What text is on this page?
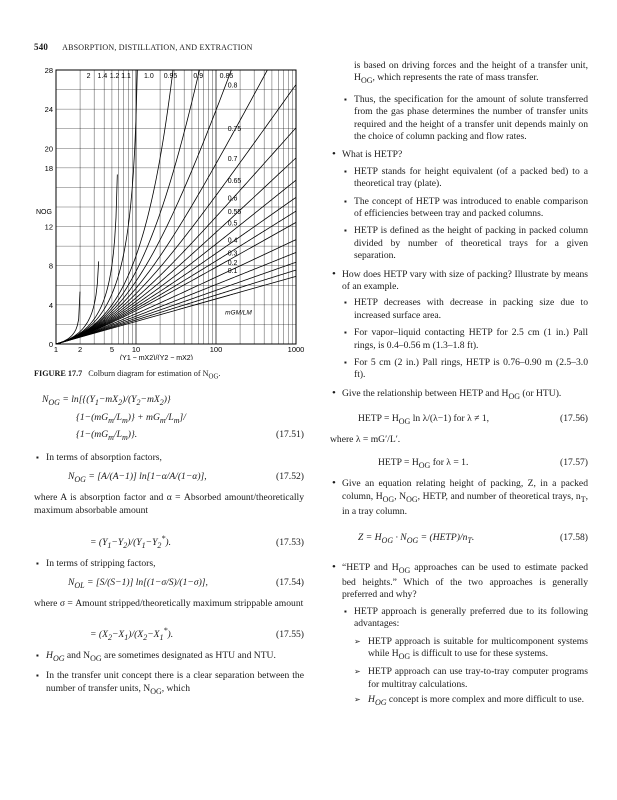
540 ABSORPTION, DISTILLATION, AND EXTRACTION
0
4
8
12
18
20
24
28
1	2	5 10	100	1000
(Y1 − mX2)/(Y2 − mX2)
NOG
2 1.4 1.2 1.1 1.0 0.95 0.9 0.85
0.8
0.75
0.7
0.65
0.6
0.55
0.5
0.4
0.3
0.2
0.1
mGM/LM
FIGURE 17.7 Colburn diagram for estimation of $N_{OG}$.
$N_{OG} = \ln[\{(Y_1-mX_2)/(Y_2-mX_2)\}$
$\{1-(mG_m/L_m)\} + mG_m/L_m]/$
$\{1-(mG_m/L_m)\}$.	(17.51)
▪ In terms of absorption factors,
$N_{OG} = [A/(A-1)]$ ln[1−α/A/(1−α)],	(17.52)
where A is absorption factor and α = Absorbed amount/theoretically maximum absorbable amount
= $(Y_1-Y_2)/(Y_1-Y_2^*)$.	(17.53)
▪ In terms of stripping factors,
$N_{OL} = [S/(S-1)]$ ln[(1−σ/S)/(1−σ)],	(17.54)
where σ = Amount stripped/theoretically maximum strippable amount
= $(X_2-X_1)/(X_2-X_1^*)$.	(17.55)
▪ $H_{OG}$ and $N_{OG}$ are sometimes designated as HTU and NTU.
▪ In the transfer unit concept there is a clear separation between the number of transfer units, $N_{OG}$, which
is based on driving forces and the height of a transfer unit, $H_{OG}$, which represents the rate of mass transfer.
▪ Thus, the specification for the amount of solute transferred from the gas phase determines the number of transfer units required and the height of a transfer unit depends mainly on the choice of column packing and flow rates.
• What is HETP?
▪ HETP stands for height equivalent (of a packed bed) to a theoretical tray (plate).
▪ The concept of HETP was introduced to enable comparison of efficiencies between tray and packed columns.
▪ HETP is defined as the height of packing in packed column divided by number of theoretical trays for a given separation.
• How does HETP vary with size of packing? Illustrate by means of an example.
▪ HETP decreases with decrease in packing size due to increased surface area.
▪ For vapor–liquid contacting HETP for 2.5 cm (1 in.) Pall rings, is 0.4–0.56 m (1.3–1.8 ft).
▪ For 5 cm (2 in.) Pall rings, HETP is 0.76–0.90 m (2.5–3.0 ft).
• Give the relationship between HETP and $H_{OG}$ (or HTU).
HETP = $H_{OG}$ ln λ/(λ−1) for λ ≠ 1,	(17.56)
where λ = mG′/L′.
HETP = $H_{OG}$ for λ = 1.	(17.57)
• Give an equation relating height of packing, Z, in a packed column, $H_{OG}$, $N_{OG}$, HETP, and number of theoretical trays, $n_T$, in a tray column.
$Z = H_{OG} \cdot N_{OG}$ = $(HETP)/n_T$.	(17.58)
• “HETP and $H_{OG}$ approaches can be used to estimate packed bed heights.” Which of the two approaches is generally preferred and why?
▪ HETP approach is generally preferred due to its following advantages:
➢ HETP approach is suitable for multicomponent systems while $H_{OG}$ is difficult to use for these systems.
➢ HETP approach can use tray-to-tray computer programs for multitray calculations.
➢ $H_{OG}$ concept is more complex and more difficult to use.
